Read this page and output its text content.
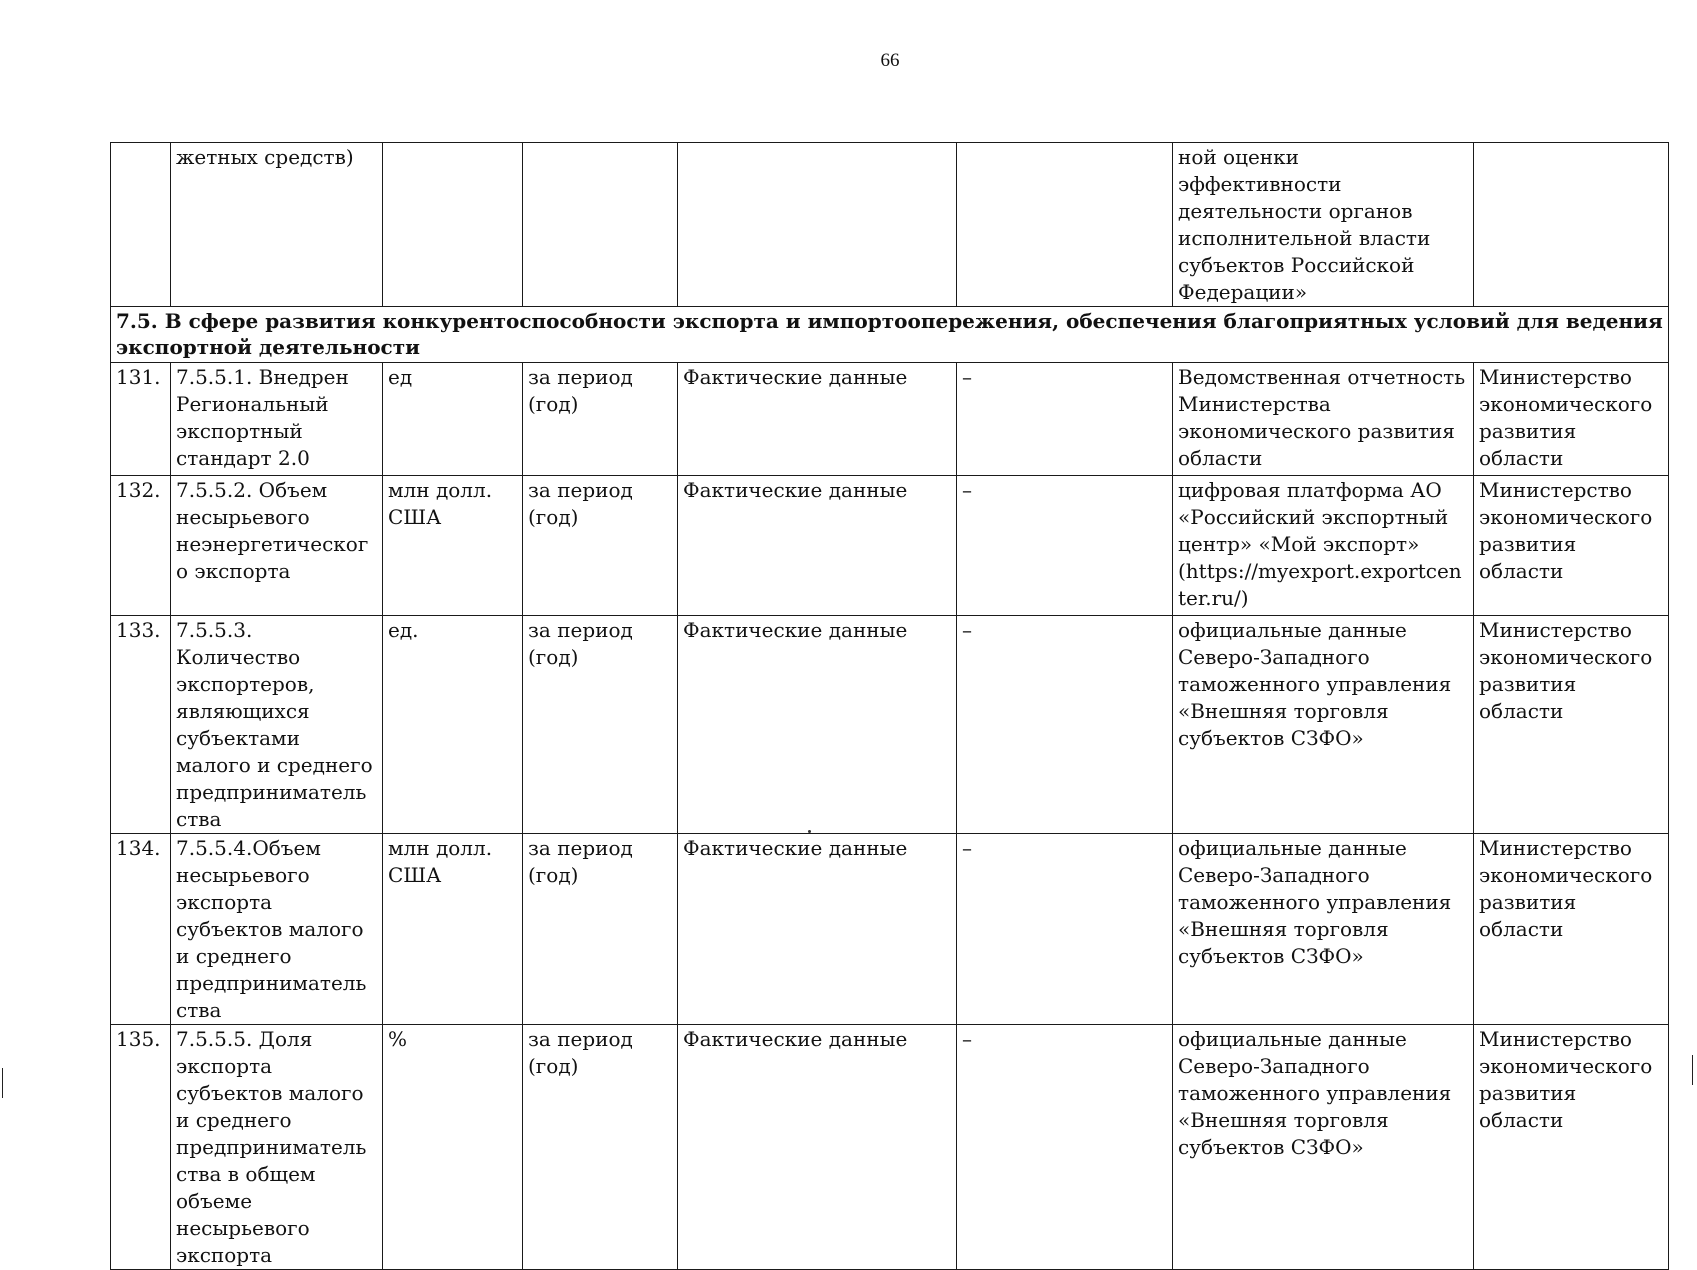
66
	жетных средств)					ной оценки эффективности деятельности органов исполнительной власти субъектов Российской Федерации»	
7.5. В сфере развития конкурентоспособности экспорта и импортоопережения, обеспечения благоприятных условий для ведения экспортной деятельности							
131.	7.5.5.1. Внедрен Региональный экспортный стандарт 2.0	ед	за период (год)	Фактические данные	–	Ведомственная отчетность Министерства экономического развития области	Министерство экономического развития области
132.	7.5.5.2. Объем несырьевого неэнергетического экспорта	млн долл. США	за период (год)	Фактические данные	–	цифровая платформа АО «Российский экспортный центр» «Мой экспорт» (https://myexport.exportcenter.ru/)	Министерство экономического развития области
133.	7.5.5.3. Количество экспортеров, являющихся субъектами малого и среднего предпринимательства	ед.	за период (год)	Фактические данные	–	официальные данные Северо-Западного таможенного управления «Внешняя торговля субъектов СЗФО»	Министерство экономического развития области
134.	7.5.5.4.Объем несырьевого экспорта субъектов малого и среднего предпринимательства	млн долл. США	за период (год)	Фактические данные	–	официальные данные Северо-Западного таможенного управления «Внешняя торговля субъектов СЗФО»	Министерство экономического развития области
135.	7.5.5.5. Доля экспорта субъектов малого и среднего предпринимательства в общем объеме несырьевого экспорта	%	за период (год)	Фактические данные	–	официальные данные Северо-Западного таможенного управления «Внешняя торговля субъектов СЗФО»	Министерство экономического развития области
